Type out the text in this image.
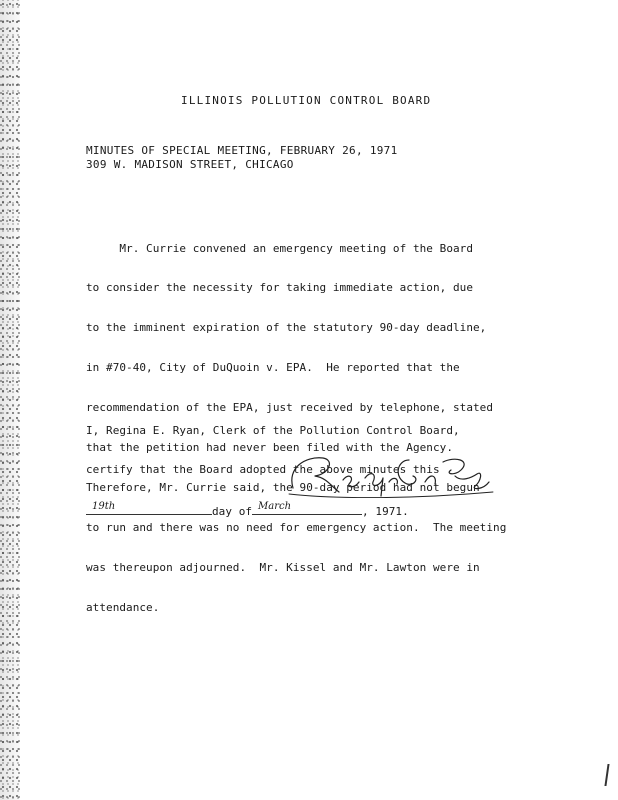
ILLINOIS POLLUTION CONTROL BOARD
MINUTES OF SPECIAL MEETING, FEBRUARY 26, 1971
309 W. MADISON STREET, CHICAGO

Mr. Currie convened an emergency meeting of the Board

to consider the necessity for taking immediate action, due

to the imminent expiration of the statutory 90-day deadline,

in #70-40, City of DuQuoin v. EPA.  He reported that the

recommendation of the EPA, just received by telephone, stated

that the petition had never been filed with the Agency.

Therefore, Mr. Currie said, the 90-day period had not begun

to run and there was no need for emergency action.  The meeting

was thereupon adjourned.  Mr. Kissel and Mr. Lawton were in

attendance.

I, Regina E. Ryan, Clerk of the Pollution Control Board,

certify that the Board adopted the above minutes this

19th	day of March	, 1971.
